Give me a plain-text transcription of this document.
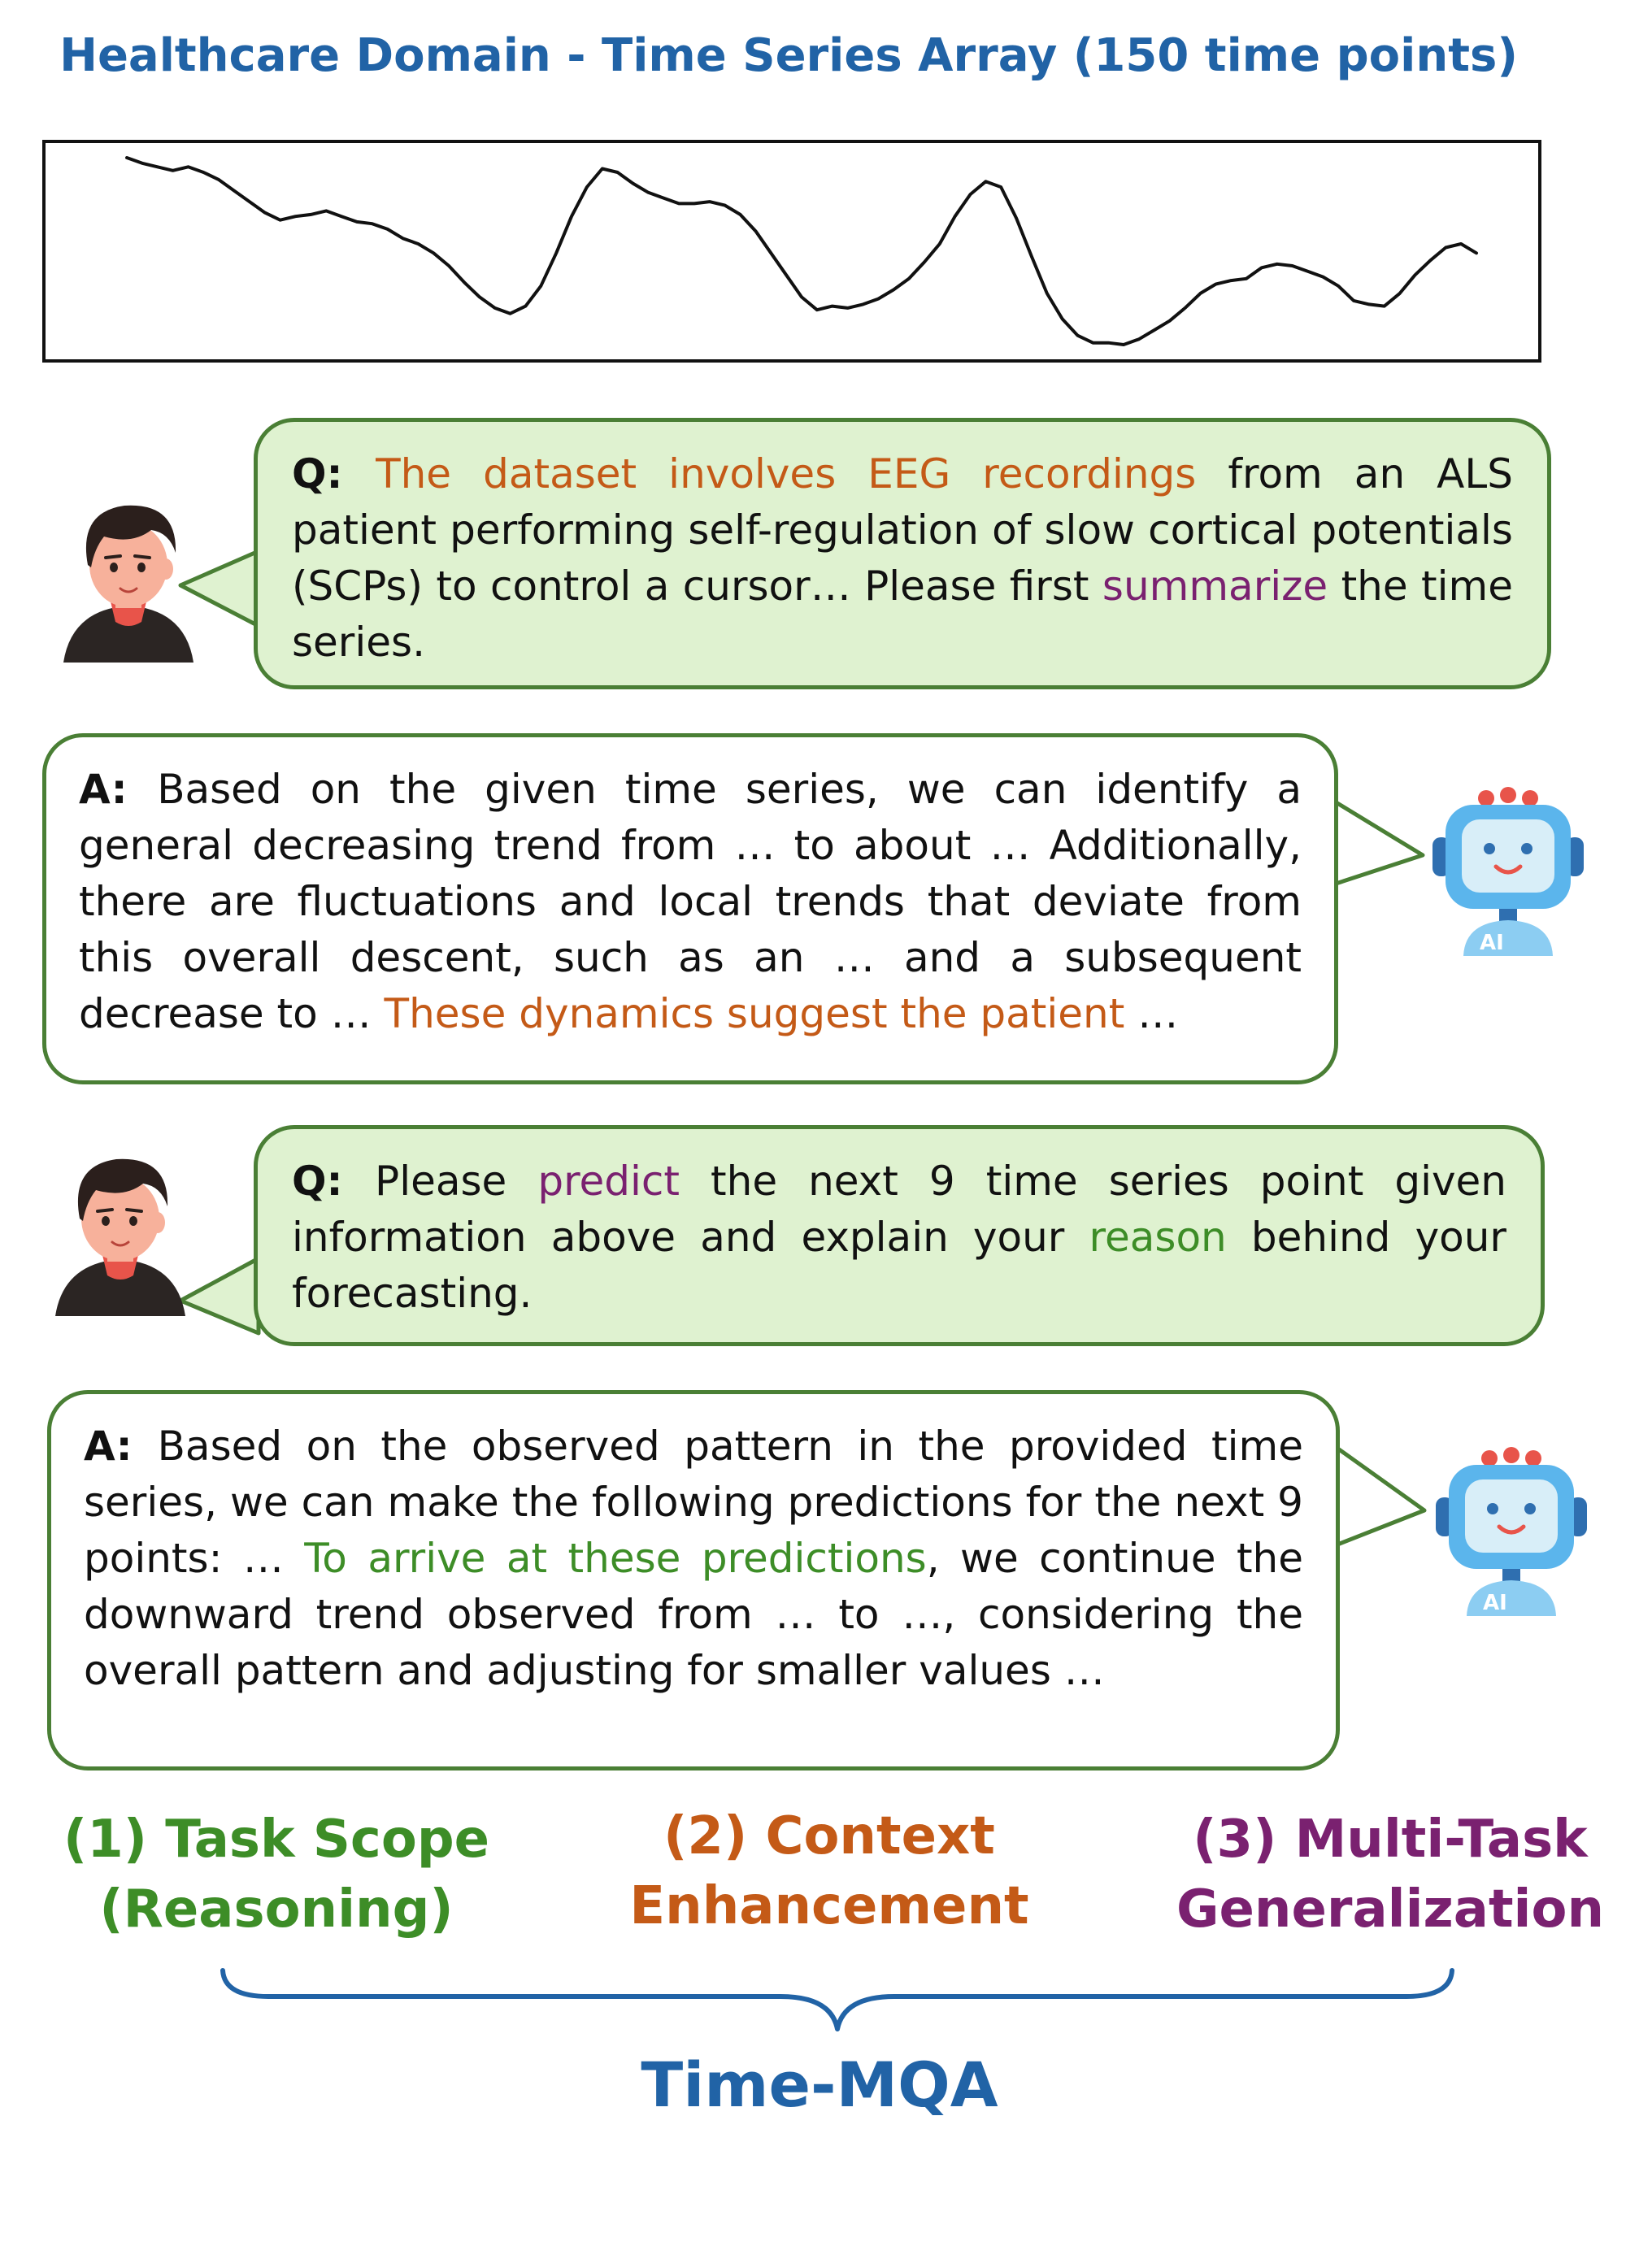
Healthcare Domain - Time Series Array (150 time points)
Q: The dataset involves EEG recordings from an ALS patient performing self-regulation of slow cortical potentials (SCPs) to control a cursor… Please first summarize the time series.
AI
A: Based on the given time series, we can identify a general decreasing trend from … to about … Additionally, there are fluctuations and local trends that deviate from this overall descent, such as an … and a subsequent decrease to … These dynamics suggest the patient …
Q: Please predict the next 9 time series point given information above and explain your reason behind your forecasting.
A: Based on the observed pattern in the provided time series, we can make the following predictions for the next 9 points: … To arrive at these predictions, we continue the downward trend observed from … to …, considering the overall pattern and adjusting for smaller values …
AI
(1) Task Scope
(Reasoning)
(2) Context
Enhancement
(3) Multi-Task
Generalization
Time-MQA
